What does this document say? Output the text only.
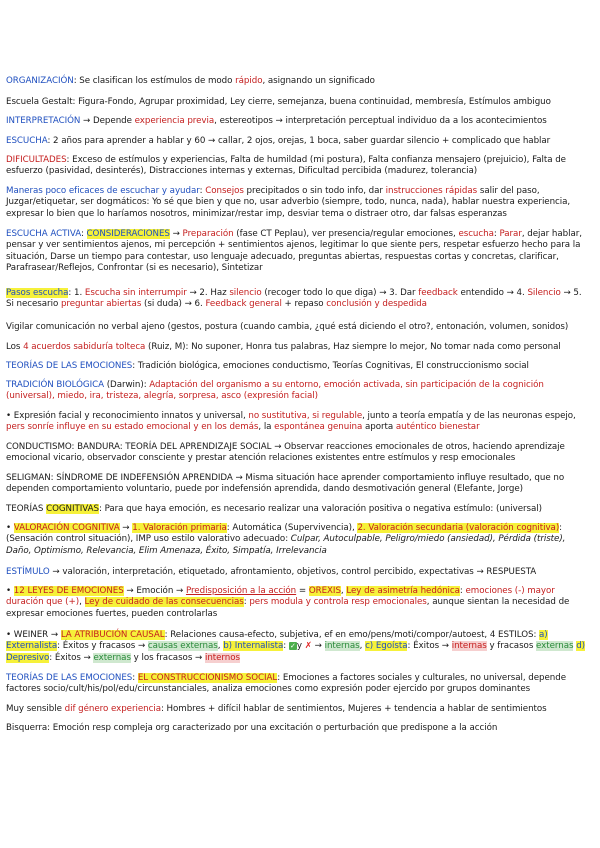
ORGANIZACIÓN: Se clasifican los estímulos de modo rápido, asignando un significado
Escuela Gestalt: Figura-Fondo, Agrupar proximidad, Ley cierre, semejanza, buena continuidad, membresía, Estímulos ambiguo
INTERPRETACIÓN → Depende experiencia previa, estereotipos → interpretación perceptual individuo da a los acontecimientos
ESCUCHA: 2 años para aprender a hablar y 60 → callar, 2 ojos, orejas, 1 boca, saber guardar silencio + complicado que hablar
DIFICULTADES: Exceso de estímulos y experiencias, Falta de humildad (mi postura), Falta confianza mensajero (prejuicio), Falta de esfuerzo (pasividad, desinterés), Distracciones internas y externas, Dificultad percibida (madurez, tolerancia)
Maneras poco eficaces de escuchar y ayudar: Consejos precipitados o sin todo info, dar instrucciones rápidas salir del paso, Juzgar/etiquetar, ser dogmáticos: Yo sé que bien y que no, usar adverbio (siempre, todo, nunca, nada), hablar nuestra experiencia, expresar lo bien que lo haríamos nosotros, minimizar/restar imp, desviar tema o distraer otro, dar falsas esperanzas
ESCUCHA ACTIVA: CONSIDERACIONES → Preparación (fase CT Peplau), ver presencia/regular emociones, escucha: Parar, dejar hablar, pensar y ver sentimientos ajenos, mi percepción + sentimientos ajenos, legitimar lo que siente pers, respetar esfuerzo hecho para la situación, Darse un tiempo para contestar, uso lenguaje adecuado, preguntas abiertas, respuestas cortas y concretas, clarificar, Parafrasear/Reflejos, Confrontar (si es necesario), Sintetizar
Pasos escucha: 1. Escucha sin interrumpir → 2. Haz silencio (recoger todo lo que diga) → 3. Dar feedback entendido → 4. Silencio → 5. Si necesario preguntar abiertas (si duda) → 6. Feedback general + repaso conclusión y despedida
Vigilar comunicación no verbal ajeno (gestos, postura (cuando cambia, ¿qué está diciendo el otro?, entonación, volumen, sonidos)
Los 4 acuerdos sabiduría tolteca (Ruiz, M): No suponer, Honra tus palabras, Haz siempre lo mejor, No tomar nada como personal
TEORÍAS DE LAS EMOCIONES: Tradición biológica, emociones conductismo, Teorías Cognitivas, El construccionismo social
TRADICIÓN BIOLÓGICA (Darwin): Adaptación del organismo a su entorno, emoción activada, sin participación de la cognición (universal), miedo, ira, tristeza, alegría, sorpresa, asco (expresión facial)
• Expresión facial y reconocimiento innatos y universal, no sustitutiva, si regulable, junto a teoría empatía y de las neuronas espejo, pers sonríe influye en su estado emocional y en los demás, la espontánea genuina aporta auténtico bienestar
CONDUCTISMO: BANDURA: TEORÍA DEL APRENDIZAJE SOCIAL → Observar reacciones emocionales de otros, haciendo aprendizaje emocional vicario, observador consciente y prestar atención relaciones existentes entre estímulos y resp emocionales
SELIGMAN: SÍNDROME DE INDEFENSIÓN APRENDIDA → Misma situación hace aprender comportamiento influye resultado, que no dependen comportamiento voluntario, puede por indefensión aprendida, dando desmotivación general (Elefante, Jorge)
TEORÍAS COGNITIVAS: Para que haya emoción, es necesario realizar una valoración positiva o negativa estímulo: (universal)
• VALORACIÓN COGNITIVA → 1. Valoración primaria: Automática (Supervivencia), 2. Valoración secundaria (valoración cognitiva): (Sensación control situación), IMP uso estilo valorativo adecuado: Culpar, Autoculpable, Peligro/miedo (ansiedad), Pérdida (triste), Daño, Optimismo, Relevancia, Elim Amenaza, Éxito, Simpatía, Irrelevancia
ESTÍMULO → valoración, interpretación, etiquetado, afrontamiento, objetivos, control percibido, expectativas → RESPUESTA
• 12 LEYES DE EMOCIONES → Emoción → Predisposición a la acción = OREXIS, Ley de asimetría hedónica: emociones (-) mayor duración que (+), Ley de cuidado de las consecuencias: pers modula y controla resp emocionales, aunque sientan la necesidad de expresar emociones fuertes, pueden controlarlas
• WEINER → LA ATRIBUCIÓN CAUSAL: Relaciones causa-efecto, subjetiva, ef en emo/pens/moti/compor/autoest, 4 ESTILOS: a) Externalista: Éxitos y fracasos → causas externas, b) Internalista: ✓y ✗ → internas, c) Egoísta: Éxitos → internas y fracasos externas d) Depresivo: Éxitos → externas y los fracasos → internos
TEORÍAS DE LAS EMOCIONES: EL CONSTRUCCIONISMO SOCIAL: Emociones a factores sociales y culturales, no universal, depende factores socio/cult/his/pol/edu/circunstanciales, analiza emociones como expresión poder ejercido por grupos dominantes
Muy sensible dif género experiencia: Hombres + difícil hablar de sentimientos, Mujeres + tendencia a hablar de sentimientos
Bisquerra: Emoción resp compleja org caracterizado por una excitación o perturbación que predispone a la acción
